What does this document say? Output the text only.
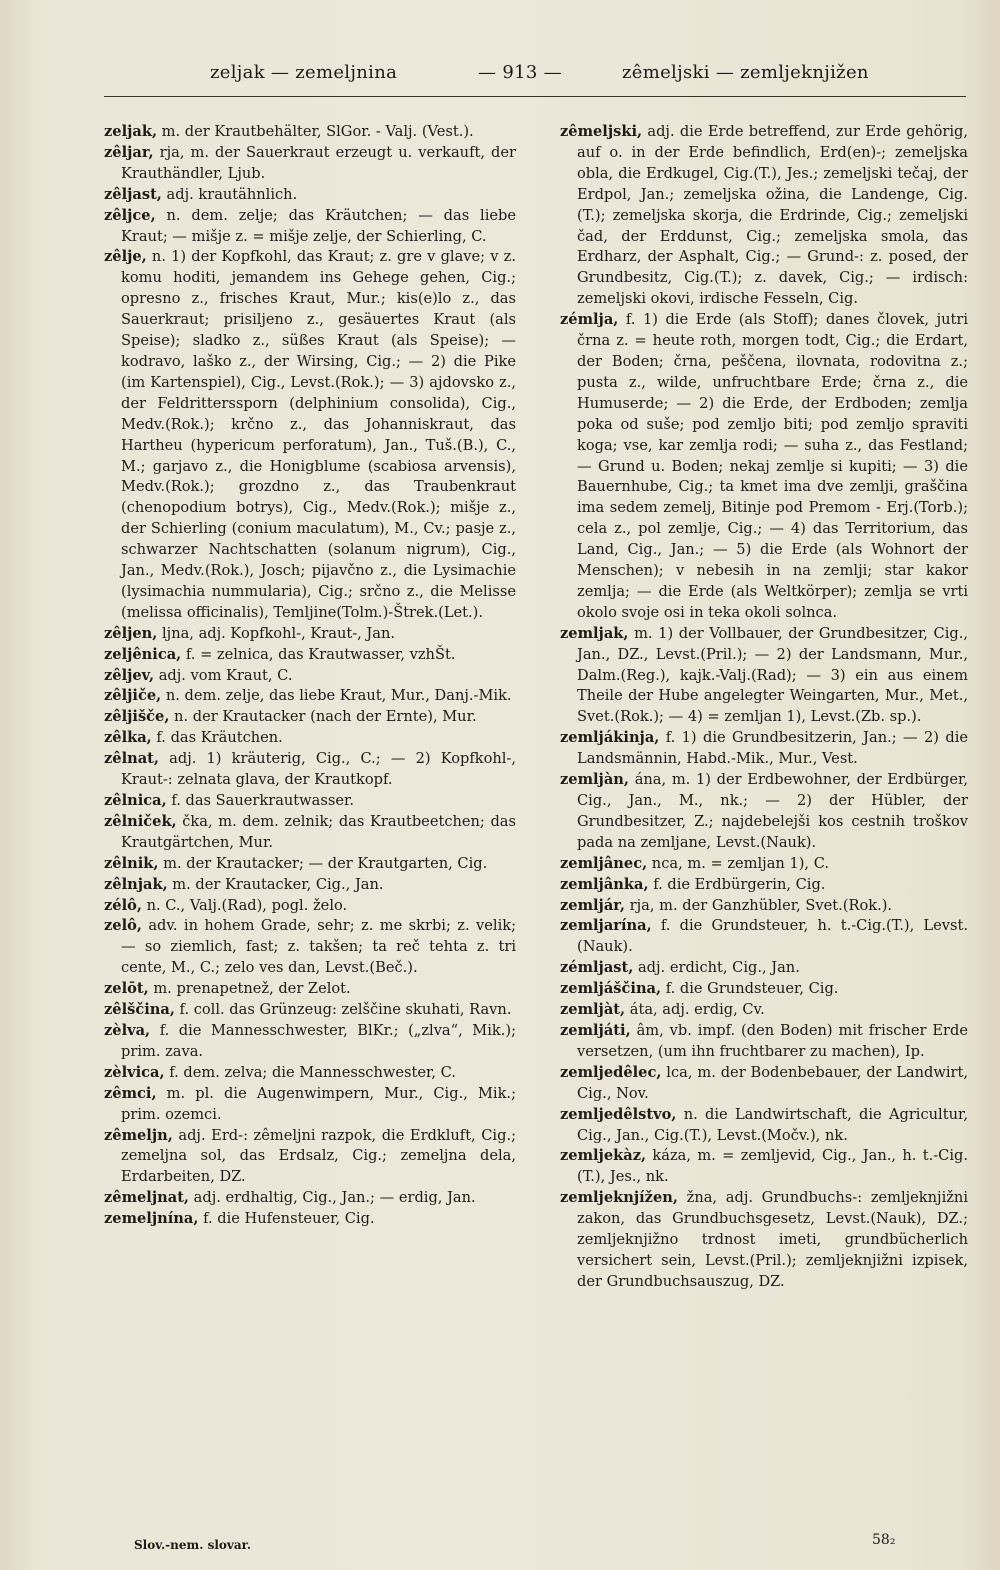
zeljak — zemeljnina	— 913 —	zêmeljski — zemljeknjižen

zeljak, m. der Krautbehälter, SlGor. - Valj. (Vest.).

zêljar, rja, m. der Sauerkraut erzeugt u. verkauft, der Krauthändler, Ljub.

zêljast, adj. krautähnlich.

zêljce, n. dem. zelje; das Kräutchen; — das liebe Kraut; — mišje z. = mišje zelje, der Schierling, C.

zêlje, n. 1) der Kopfkohl, das Kraut; z. gre v glave; v z. komu hoditi, jemandem ins Gehege gehen, Cig.; opresno z., frisches Kraut, Mur.; kis(e)lo z., das Sauerkraut; prisiljeno z., gesäuertes Kraut (als Speise); sladko z., süßes Kraut (als Speise); — kodravo, laško z., der Wirsing, Cig.; — 2) die Pike (im Kartenspiel), Cig., Levst.(Rok.); — 3) ajdovsko z., der Feldritterssporn (delphinium consolida), Cig., Medv.(Rok.); krčno z., das Johanniskraut, das Hartheu (hypericum perforatum), Jan., Tuš.(B.), C., M.; garjavo z., die Honigblume (scabiosa arvensis), Medv.(Rok.); grozdno z., das Traubenkraut (chenopodium botrys), Cig., Medv.(Rok.); mišje z., der Schierling (conium maculatum), M., Cv.; pasje z., schwarzer Nachtschatten (solanum nigrum), Cig., Jan., Medv.(Rok.), Josch; pijavčno z., die Lysimachie (lysimachia nummularia), Cig.; srčno z., die Melisse (melissa officinalis), Temljine(Tolm.)-Štrek.(Let.).

zêljen, ljna, adj. Kopfkohl-, Kraut-, Jan.

zeljênica, f. = zelnica, das Krautwasser, vzhŠt.

zêljev, adj. vom Kraut, C.

zêljiče, n. dem. zelje, das liebe Kraut, Mur., Danj.-Mik.

zêljišče, n. der Krautacker (nach der Ernte), Mur.

zêlka, f. das Kräutchen.

zêlnat, adj. 1) kräuterig, Cig., C.; — 2) Kopfkohl-, Kraut-: zelnata glava, der Krautkopf.

zêlnica, f. das Sauerkrautwasser.

zêlniček, čka, m. dem. zelnik; das Krautbeetchen; das Krautgärtchen, Mur.

zêlnik, m. der Krautacker; — der Krautgarten, Cig.

zêlnjak, m. der Krautacker, Cig., Jan.

zélô, n. C., Valj.(Rad), pogl. želo.

zelô, adv. in hohem Grade, sehr; z. me skrbi; z. velik; — so ziemlich, fast; z. takšen; ta reč tehta z. tri cente, M., C.; zelo ves dan, Levst.(Beč.).

zelōt, m. prenapetnež, der Zelot.

zêlščina, f. coll. das Grünzeug: zelščine skuhati, Ravn.

zèlva, f. die Mannesschwester, BlKr.; („zlva“, Mik.); prim. zava.

zèlvica, f. dem. zelva; die Mannesschwester, C.

zêmci, m. pl. die Augenwimpern, Mur., Cig., Mik.; prim. ozemci.

zêmeljn, adj. Erd-: zêmeljni razpok, die Erdkluft, Cig.; zemeljna sol, das Erdsalz, Cig.; zemeljna dela, Erdarbeiten, DZ.

zêmeljnat, adj. erdhaltig, Cig., Jan.; — erdig, Jan.

zemeljnína, f. die Hufensteuer, Cig.

zêmeljski, adj. die Erde betreffend, zur Erde gehörig, auf o. in der Erde befindlich, Erd(en)-; zemeljska obla, die Erdkugel, Cig.(T.), Jes.; zemeljski tečaj, der Erdpol, Jan.; zemeljska ožina, die Landenge, Cig.(T.); zemeljska skorja, die Erdrinde, Cig.; zemeljski čad, der Erddunst, Cig.; zemeljska smola, das Erdharz, der Asphalt, Cig.; — Grund-: z. posed, der Grundbesitz, Cig.(T.); z. davek, Cig.; — irdisch: zemeljski okovi, irdische Fesseln, Cig.

zémlja, f. 1) die Erde (als Stoff); danes človek, jutri črna z. = heute roth, morgen todt, Cig.; die Erdart, der Boden; črna, peščena, ilovnata, rodovitna z.; pusta z., wilde, unfruchtbare Erde; črna z., die Humuserde; — 2) die Erde, der Erdboden; zemlja poka od suše; pod zemljo biti; pod zemljo spraviti koga; vse, kar zemlja rodi; — suha z., das Festland; — Grund u. Boden; nekaj zemlje si kupiti; — 3) die Bauernhube, Cig.; ta kmet ima dve zemlji, graščina ima sedem zemelj, Bitinje pod Premom - Erj.(Torb.); cela z., pol zemlje, Cig.; — 4) das Territorium, das Land, Cig., Jan.; — 5) die Erde (als Wohnort der Menschen); v nebesih in na zemlji; star kakor zemlja; — die Erde (als Weltkörper); zemlja se vrti okolo svoje osi in teka okoli solnca.

zemljak, m. 1) der Vollbauer, der Grundbesitzer, Cig., Jan., DZ., Levst.(Pril.); — 2) der Landsmann, Mur., Dalm.(Reg.), kajk.-Valj.(Rad); — 3) ein aus einem Theile der Hube angelegter Weingarten, Mur., Met., Svet.(Rok.); — 4) = zemljan 1), Levst.(Zb. sp.).

zemljákinja, f. 1) die Grundbesitzerin, Jan.; — 2) die Landsmännin, Habd.-Mik., Mur., Vest.

zemljàn, ána, m. 1) der Erdbewohner, der Erdbürger, Cig., Jan., M., nk.; — 2) der Hübler, der Grundbesitzer, Z.; najdebelejši kos cestnih troškov pada na zemljane, Levst.(Nauk).

zemljânec, nca, m. = zemljan 1), C.

zemljânka, f. die Erdbürgerin, Cig.

zemljár, rja, m. der Ganzhübler, Svet.(Rok.).

zemljarína, f. die Grundsteuer, h. t.-Cig.(T.), Levst.(Nauk).

zémljast, adj. erdicht, Cig., Jan.

zemljáščina, f. die Grundsteuer, Cig.

zemljàt, áta, adj. erdig, Cv.

zemljáti, âm, vb. impf. (den Boden) mit frischer Erde versetzen, (um ihn fruchtbarer zu machen), Ip.

zemljedêlec, lca, m. der Bodenbebauer, der Landwirt, Cig., Nov.

zemljedêlstvo, n. die Landwirtschaft, die Agricultur, Cig., Jan., Cig.(T.), Levst.(Močv.), nk.

zemljekàz, káza, m. = zemljevid, Cig., Jan., h. t.-Cig.(T.), Jes., nk.

zemljeknjížen, žna, adj. Grundbuchs-: zemljeknjižni zakon, das Grundbuchsgesetz, Levst.(Nauk), DZ.; zemljeknjižno trdnost imeti, grundbücherlich versichert sein, Levst.(Pril.); zemljeknjižni izpisek, der Grundbuchsauszug, DZ.

Slov.-nem. slovar.	58₂
